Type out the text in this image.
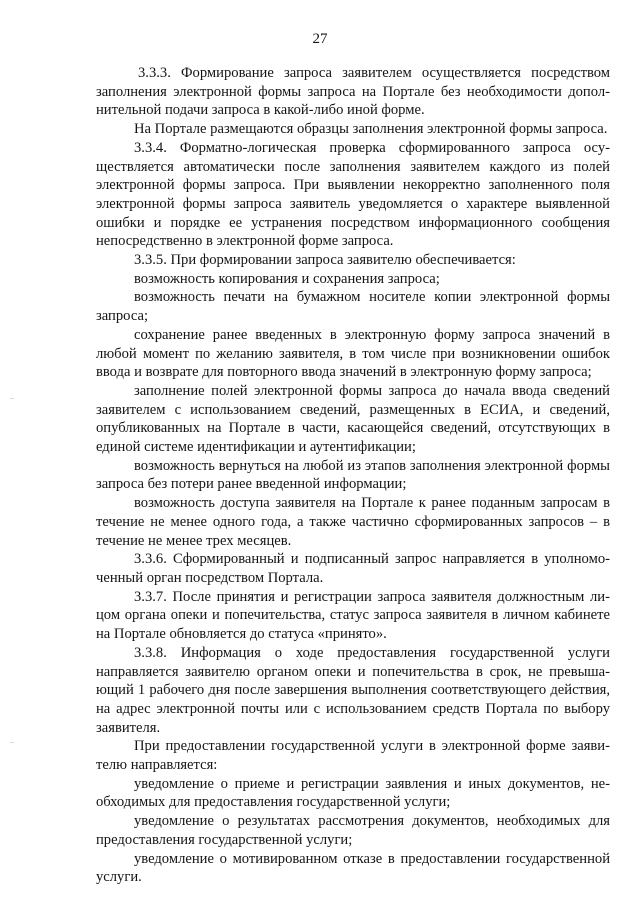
27

3.3.3. Формирование запроса заявителем осуществляется посредством заполнения электронной формы запроса на Портале без необходимости дополнительной подачи запроса в какой-либо иной форме.

На Портале размещаются образцы заполнения электронной формы запроса.

3.3.4. Форматно-логическая проверка сформированного запроса осуществляется автоматически после заполнения заявителем каждого из полей электронной формы запроса. При выявлении некорректно заполненного поля электронной формы запроса заявитель уведомляется о характере выявленной ошибки и порядке ее устранения посредством информационного сообщения непосредственно в электронной форме запроса.

3.3.5. При формировании запроса заявителю обеспечивается:

возможность копирования и сохранения запроса;

возможность печати на бумажном носителе копии электронной формы запроса;

сохранение ранее введенных в электронную форму запроса значений в любой момент по желанию заявителя, в том числе при возникновении ошибок ввода и возврате для повторного ввода значений в электронную форму запроса;

заполнение полей электронной формы запроса до начала ввода сведений заявителем с использованием сведений, размещенных в ЕСИА, и сведений, опубликованных на Портале в части, касающейся сведений, отсутствующих в единой системе идентификации и аутентификации;

возможность вернуться на любой из этапов заполнения электронной формы запроса без потери ранее введенной информации;

возможность доступа заявителя на Портале к ранее поданным запросам в течение не менее одного года, а также частично сформированных запросов – в течение не менее трех месяцев.

3.3.6. Сформированный и подписанный запрос направляется в уполномоченный орган посредством Портала.

3.3.7. После принятия и регистрации запроса заявителя должностным лицом органа опеки и попечительства, статус запроса заявителя в личном кабинете на Портале обновляется до статуса «принято».

3.3.8. Информация о ходе предоставления государственной услуги направляется заявителю органом опеки и попечительства в срок, не превышающий 1 рабочего дня после завершения выполнения соответствующего действия, на адрес электронной почты или с использованием средств Портала по выбору заявителя.

При предоставлении государственной услуги в электронной форме заявителю направляется:

уведомление о приеме и регистрации заявления и иных документов, необходимых для предоставления государственной услуги;

уведомление о результатах рассмотрения документов, необходимых для предоставления государственной услуги;

уведомление о мотивированном отказе в предоставлении государственной услуги.
